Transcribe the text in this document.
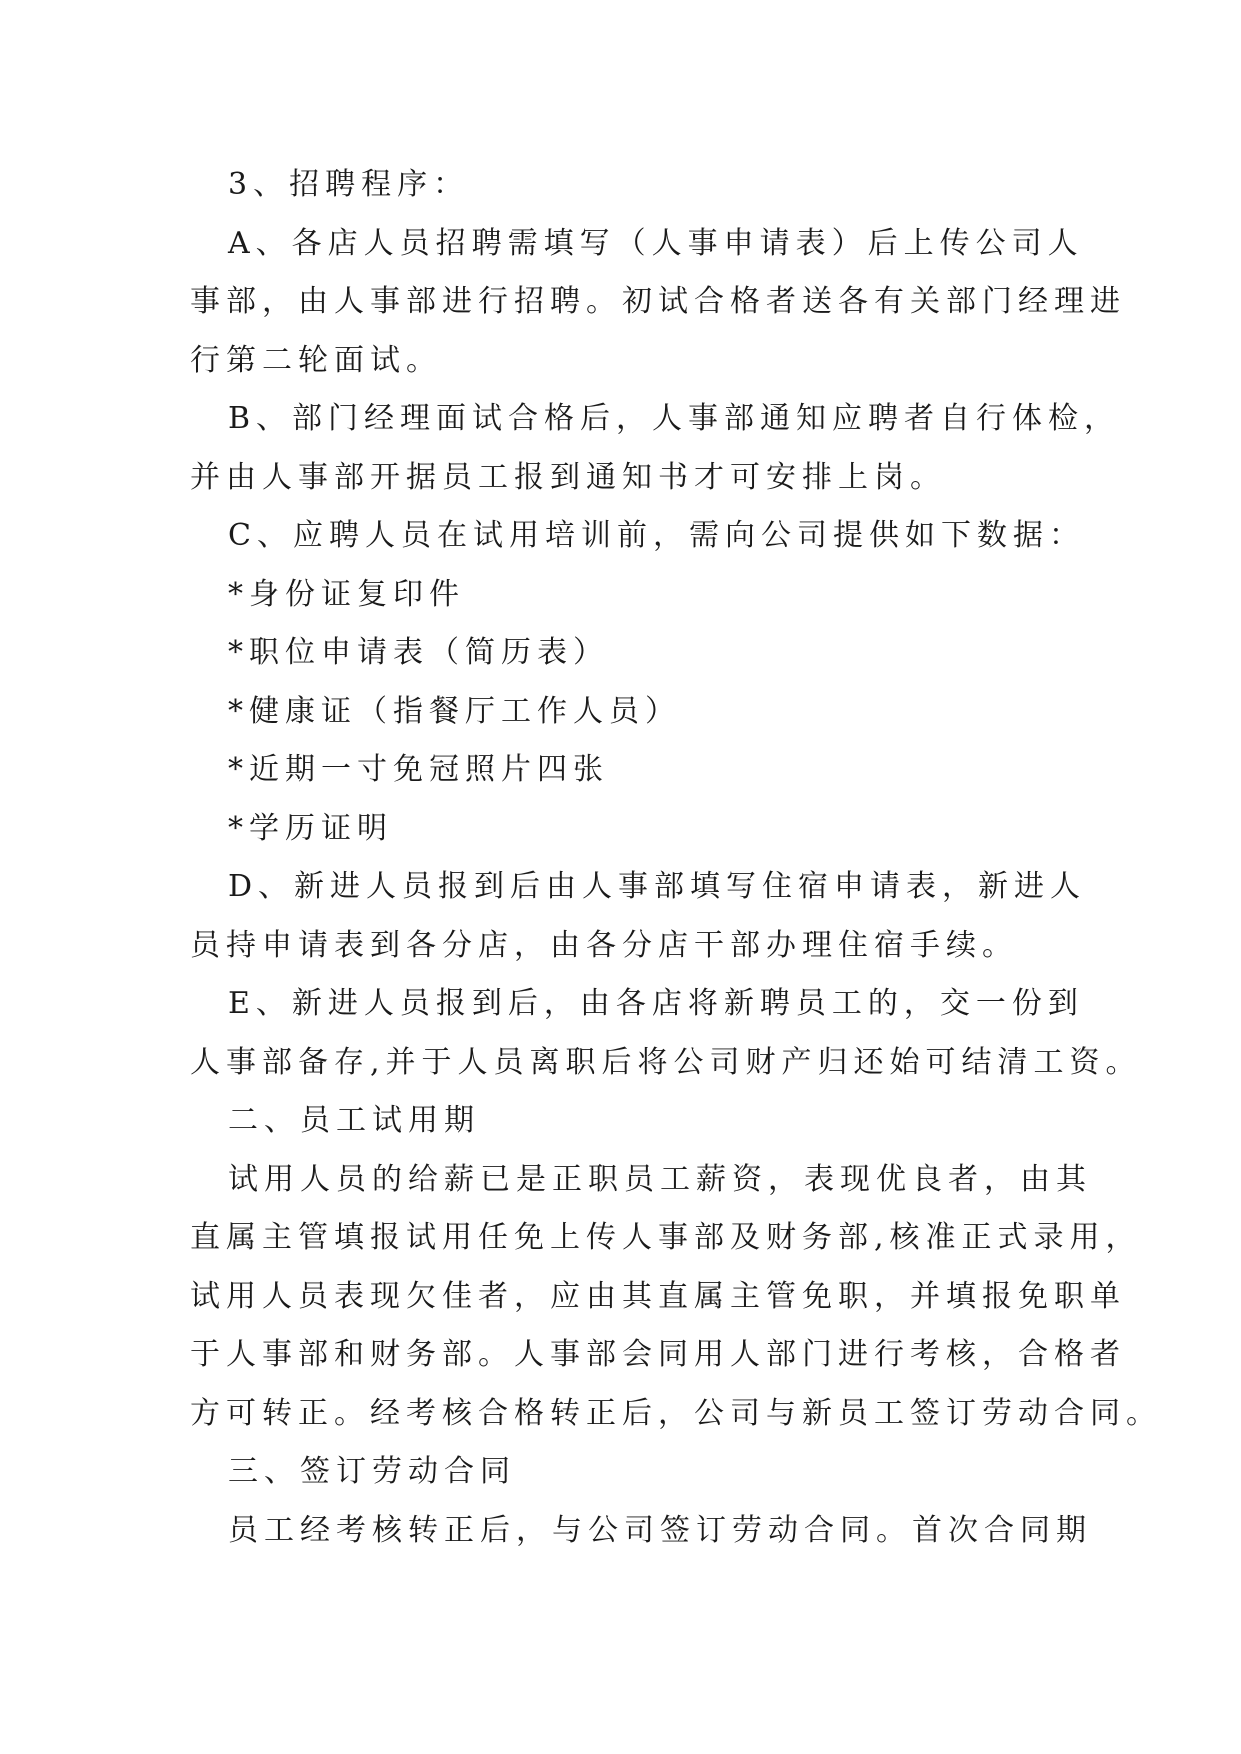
3、招聘程序：
A、各店人员招聘需填写（人事申请表）后上传公司人
事部，由人事部进行招聘。初试合格者送各有关部门经理进
行第二轮面试。
B、部门经理面试合格后，人事部通知应聘者自行体检，
并由人事部开据员工报到通知书才可安排上岗。
C、应聘人员在试用培训前，需向公司提供如下数据：
*身份证复印件
*职位申请表（简历表）
*健康证（指餐厅工作人员）
*近期一寸免冠照片四张
*学历证明
D、新进人员报到后由人事部填写住宿申请表，新进人
员持申请表到各分店，由各分店干部办理住宿手续。
E、新进人员报到后，由各店将新聘员工的，交一份到
人事部备存,并于人员离职后将公司财产归还始可结清工资。
二、员工试用期
试用人员的给薪已是正职员工薪资，表现优良者，由其
直属主管填报试用任免上传人事部及财务部,核准正式录用，
试用人员表现欠佳者，应由其直属主管免职，并填报免职单
于人事部和财务部。人事部会同用人部门进行考核，合格者
方可转正。经考核合格转正后，公司与新员工签订劳动合同。
三、签订劳动合同
员工经考核转正后，与公司签订劳动合同。首次合同期
